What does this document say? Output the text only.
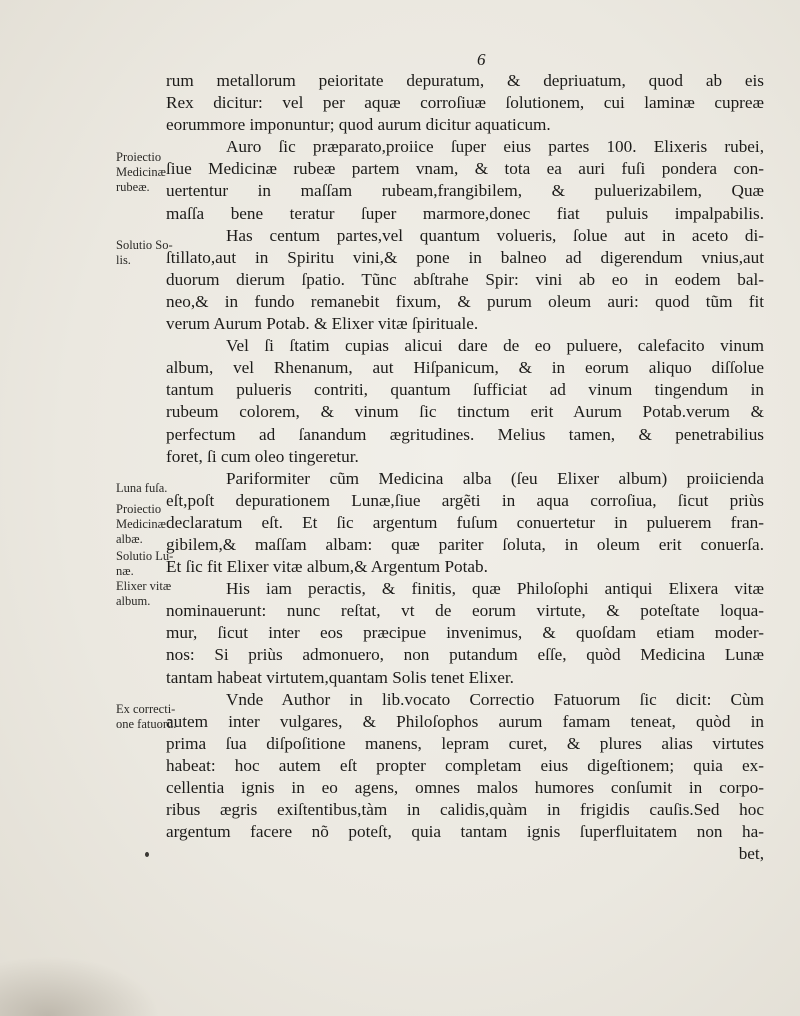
6
rum metallorum peioritate depuratum, & depriuatum, quod ab eis
Rex dicitur: vel per aquæ corroſiuæ ſolutionem, cui laminæ cupreæ
eorummore imponuntur; quod aurum dicitur aquaticum.
Auro ſic præparato,proiice ſuper eius partes 100. Elixeris rubei,
ſiue Medicinæ rubeæ partem vnam, & tota ea auri fuſi pondera con-
uertentur in maſſam rubeam,frangibilem, & puluerizabilem, Quæ
maſſa bene teratur ſuper marmore,donec fiat puluis impalpabilis.
Has centum partes,vel quantum volueris, ſolue aut in aceto di-
ſtillato,aut in Spiritu vini,& pone in balneo ad digerendum vnius,aut
duorum dierum ſpatio. Tũnc abſtrahe Spir: vini ab eo in eodem bal-
neo,& in fundo remanebit fixum, & purum oleum auri: quod tũm fit
verum Aurum Potab. & Elixer vitæ ſpirituale.
Vel ſi ſtatim cupias alicui dare de eo puluere, calefacito vinum
album, vel Rhenanum, aut Hiſpanicum, & in eorum aliquo diſſolue
tantum pulueris contriti, quantum ſufficiat ad vinum tingendum in
rubeum colorem, & vinum ſic tinctum erit Aurum Potab.verum &
perfectum ad ſanandum ægritudines. Melius tamen, & penetrabilius
foret, ſi cum oleo tingeretur.
Pariformiter cũm Medicina alba (ſeu Elixer album) proiicienda
eſt,poſt depurationem Lunæ,ſiue argẽti in aqua corroſiua, ſicut priùs
declaratum eſt. Et ſic argentum fuſum conuertetur in puluerem fran-
gibilem,& maſſam albam: quæ pariter ſoluta, in oleum erit conuerſa.
Et ſic fit Elixer vitæ album,& Argentum Potab.
His iam peractis, & finitis, quæ Philoſophi antiqui Elixera vitæ
nominauerunt: nunc reſtat, vt de eorum virtute, & poteſtate loqua-
mur, ſicut inter eos præcipue invenimus, & quoſdam etiam moder-
nos: Si priùs admonuero, non putandum eſſe, quòd Medicina Lunæ
tantam habeat virtutem,quantam Solis tenet Elixer.
Vnde Author in lib.vocato Correctio Fatuorum ſic dicit: Cùm
autem inter vulgares, & Philoſophos aurum famam teneat, quòd in
prima ſua diſpoſitione manens, lepram curet, & plures alias virtutes
habeat: hoc autem eſt propter completam eius digeſtionem; quia ex-
cellentia ignis in eo agens, omnes malos humores conſumit in corpo-
ribus ægris exiſtentibus,tàm in calidis,quàm in frigidis cauſis.Sed hoc
argentum facere nõ poteſt, quia tantam ignis ſuperfluitatem non ha-
bet,
Proiectio
Medicinæ
rubeæ.
Solutio So-
lis.
Luna fuſa.
Proiectio
Medicinæ
albæ.
Solutio Lu-
næ.
Elixer vitæ
album.
Ex correcti-
one fatuorũ.
